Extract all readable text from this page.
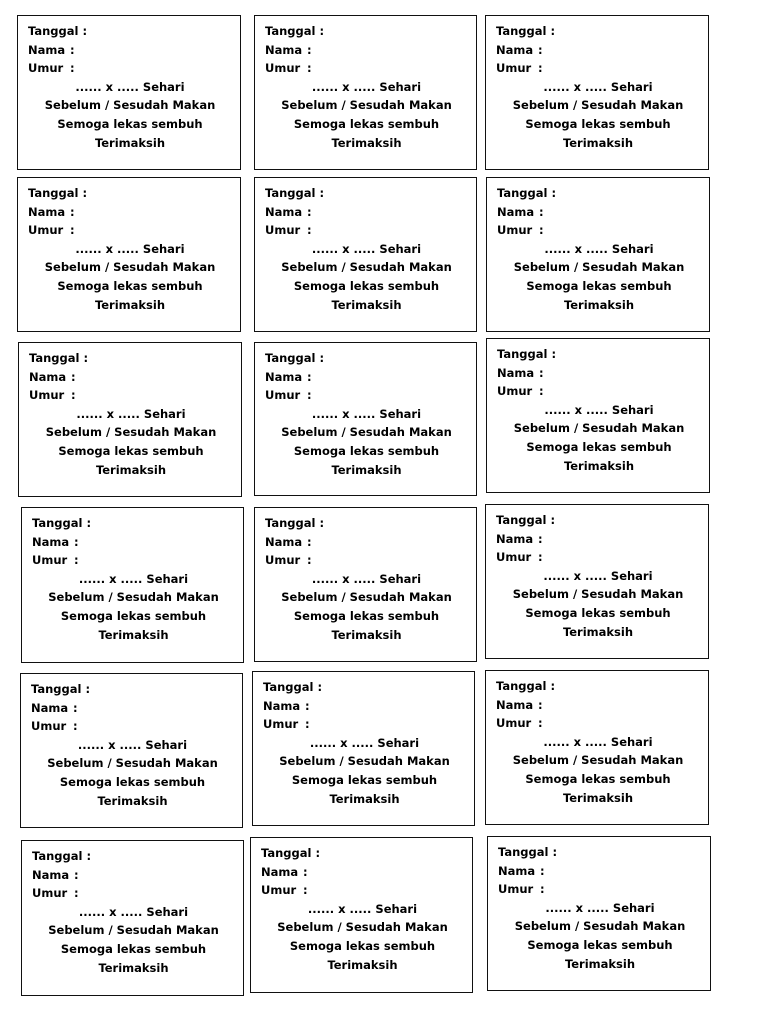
Tanggal :
Nama :
Umur :
...... x ..... Sehari
Sebelum / Sesudah Makan
Semoga lekas sembuh
Terimaksih
Tanggal :
Nama :
Umur :
...... x ..... Sehari
Sebelum / Sesudah Makan
Semoga lekas sembuh
Terimaksih
Tanggal :
Nama :
Umur :
...... x ..... Sehari
Sebelum / Sesudah Makan
Semoga lekas sembuh
Terimaksih
Tanggal :
Nama :
Umur :
...... x ..... Sehari
Sebelum / Sesudah Makan
Semoga lekas sembuh
Terimaksih
Tanggal :
Nama :
Umur :
...... x ..... Sehari
Sebelum / Sesudah Makan
Semoga lekas sembuh
Terimaksih
Tanggal :
Nama :
Umur :
...... x ..... Sehari
Sebelum / Sesudah Makan
Semoga lekas sembuh
Terimaksih
Tanggal :
Nama :
Umur :
...... x ..... Sehari
Sebelum / Sesudah Makan
Semoga lekas sembuh
Terimaksih
Tanggal :
Nama :
Umur :
...... x ..... Sehari
Sebelum / Sesudah Makan
Semoga lekas sembuh
Terimaksih
Tanggal :
Nama :
Umur :
...... x ..... Sehari
Sebelum / Sesudah Makan
Semoga lekas sembuh
Terimaksih
Tanggal :
Nama :
Umur :
...... x ..... Sehari
Sebelum / Sesudah Makan
Semoga lekas sembuh
Terimaksih
Tanggal :
Nama :
Umur :
...... x ..... Sehari
Sebelum / Sesudah Makan
Semoga lekas sembuh
Terimaksih
Tanggal :
Nama :
Umur :
...... x ..... Sehari
Sebelum / Sesudah Makan
Semoga lekas sembuh
Terimaksih
Tanggal :
Nama :
Umur :
...... x ..... Sehari
Sebelum / Sesudah Makan
Semoga lekas sembuh
Terimaksih
Tanggal :
Nama :
Umur :
...... x ..... Sehari
Sebelum / Sesudah Makan
Semoga lekas sembuh
Terimaksih
Tanggal :
Nama :
Umur :
...... x ..... Sehari
Sebelum / Sesudah Makan
Semoga lekas sembuh
Terimaksih
Tanggal :
Nama :
Umur :
...... x ..... Sehari
Sebelum / Sesudah Makan
Semoga lekas sembuh
Terimaksih
Tanggal :
Nama :
Umur :
...... x ..... Sehari
Sebelum / Sesudah Makan
Semoga lekas sembuh
Terimaksih
Tanggal :
Nama :
Umur :
...... x ..... Sehari
Sebelum / Sesudah Makan
Semoga lekas sembuh
Terimaksih
